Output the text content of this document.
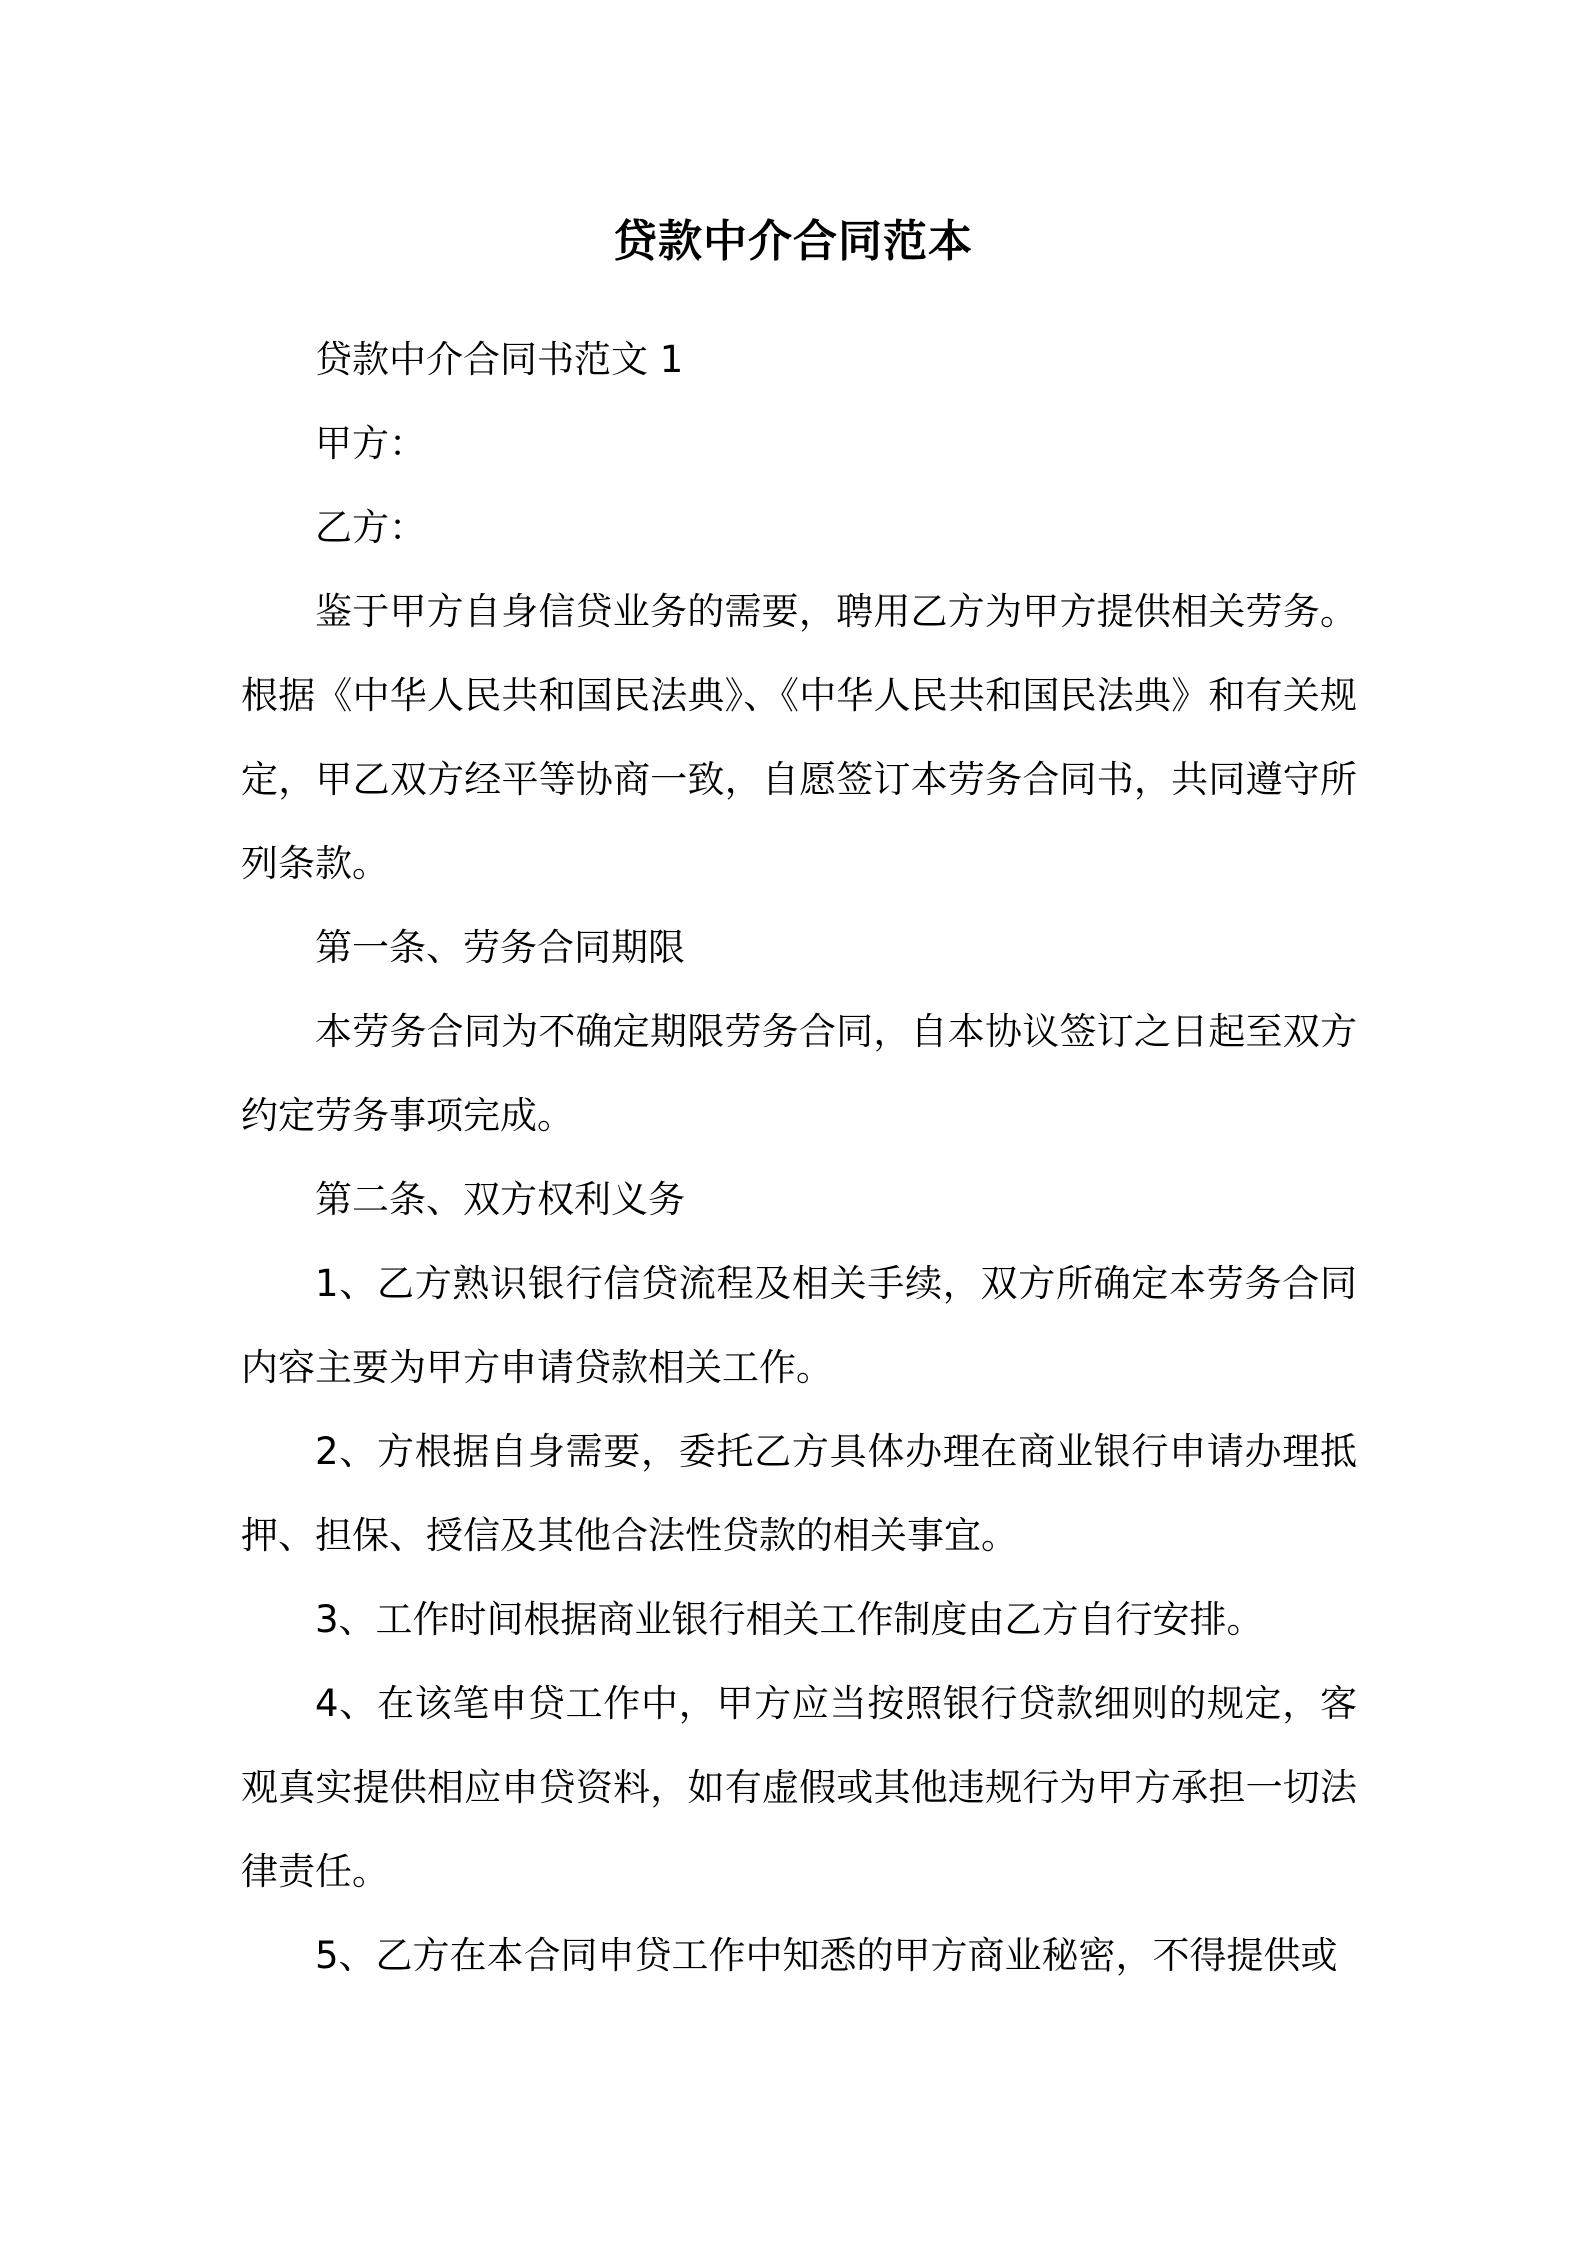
贷款中介合同范本

贷款中介合同书范文 1

甲方：

乙方：

鉴于甲方自身信贷业务的需要，聘用乙方为甲方提供相关劳务。根据《中华人民共和国民法典》、《中华人民共和国民法典》和有关规定，甲乙双方经平等协商一致，自愿签订本劳务合同书，共同遵守所列条款。

第一条、劳务合同期限

本劳务合同为不确定期限劳务合同，自本协议签订之日起至双方约定劳务事项完成。

第二条、双方权利义务

1、乙方熟识银行信贷流程及相关手续，双方所确定本劳务合同内容主要为甲方申请贷款相关工作。

2、方根据自身需要，委托乙方具体办理在商业银行申请办理抵押、担保、授信及其他合法性贷款的相关事宜。

3、工作时间根据商业银行相关工作制度由乙方自行安排。

4、在该笔申贷工作中，甲方应当按照银行贷款细则的规定，客观真实提供相应申贷资料，如有虚假或其他违规行为甲方承担一切法律责任。

5、乙方在本合同申贷工作中知悉的甲方商业秘密，不得提供或
